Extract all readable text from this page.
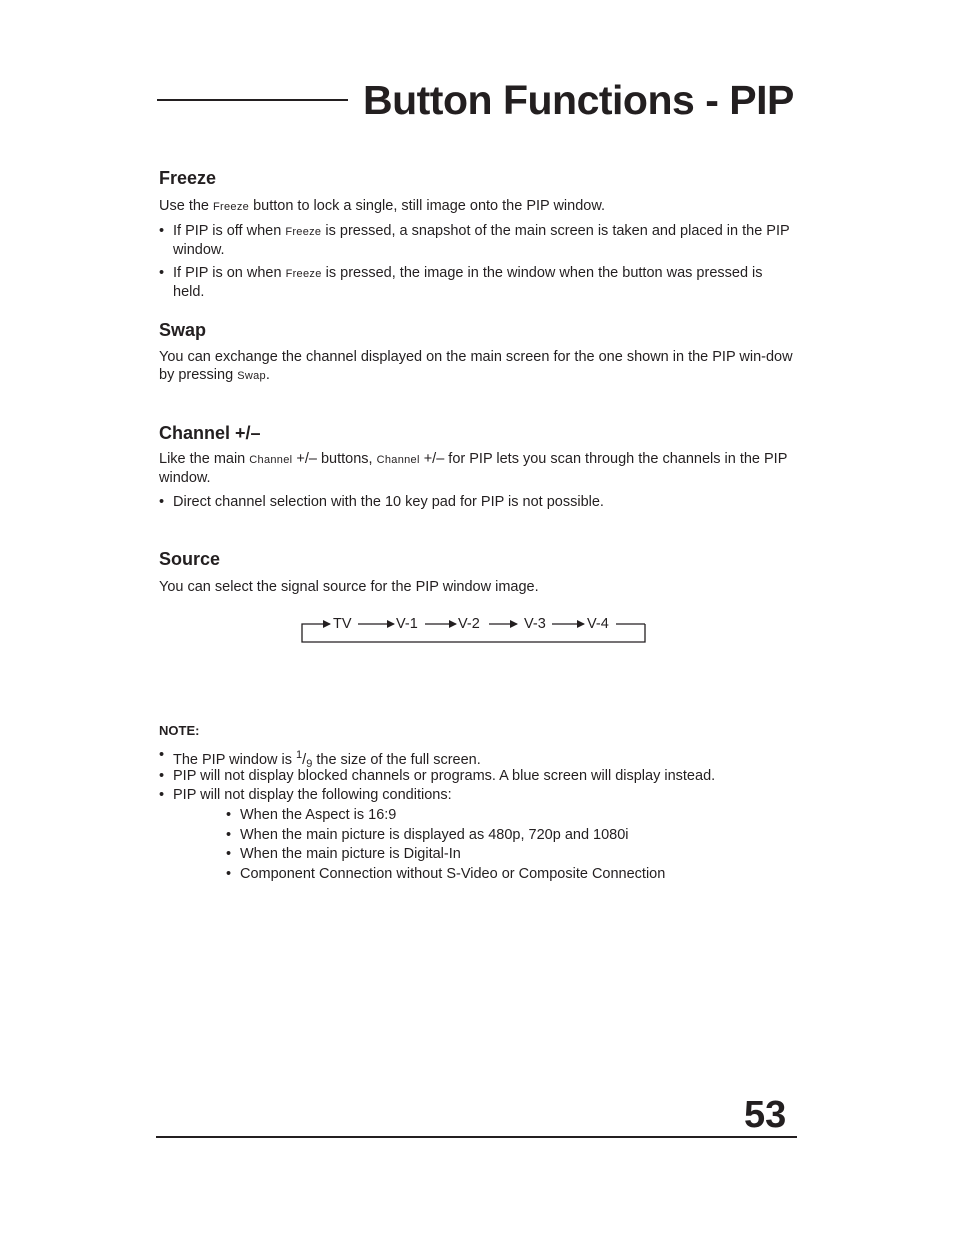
Button Functions - PIP
Freeze

Use the Freeze button to lock a single, still image onto the PIP window.

• If PIP is off when Freeze is pressed, a snapshot of the main screen is taken and placed in the PIP window.

• If PIP is on when Freeze is pressed, the image in the window when the button was pressed is held.

Swap

You can exchange the channel displayed on the main screen for the one shown in the PIP win-dow by pressing Swap.

Channel +/–

Like the main Channel +/– buttons, Channel +/– for PIP lets you scan through the channels in the PIP window.

• Direct channel selection with the 10 key pad for PIP is not possible.

Source

You can select the signal source for the PIP window image.

TV	V-1	V-2	V-3	V-4

NOTE:

• The PIP window is $^1/_9$ the size of the full screen.

• PIP will not display blocked channels or programs. A blue screen will display instead.

• PIP will not display the following conditions:

• When the Aspect is 16:9

• When the main picture is displayed as 480p, 720p and 1080i

• When the main picture is Digital-In

• Component Connection without S-Video or Composite Connection

53
